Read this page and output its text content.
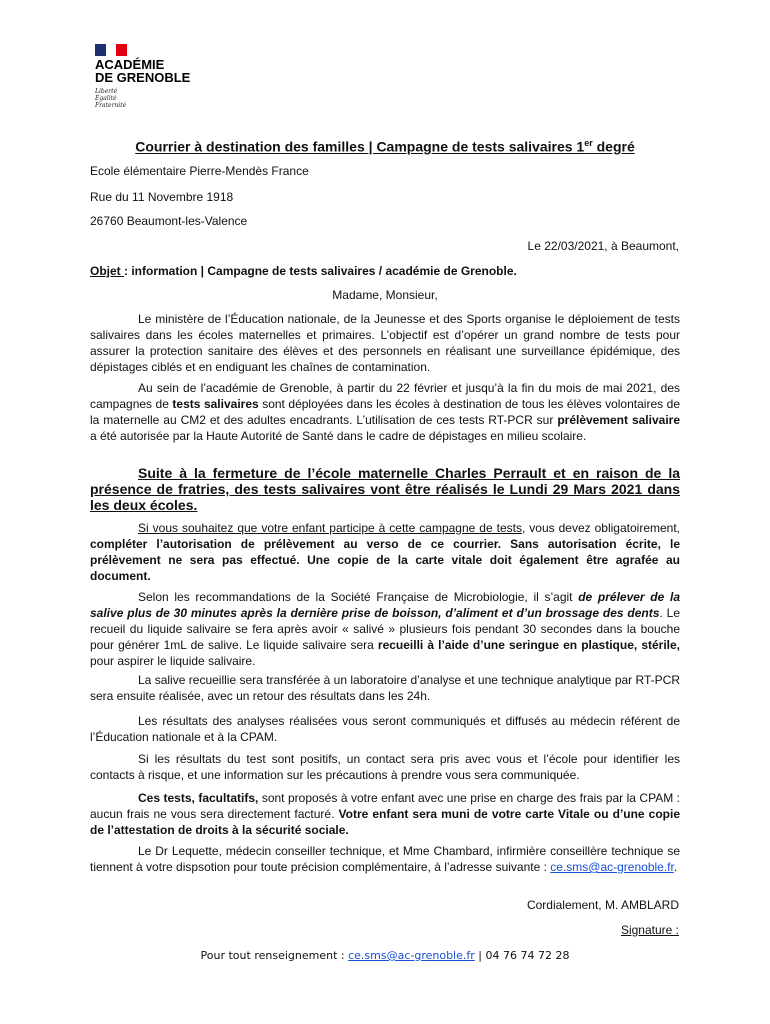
ACADÉMIE
DE GRENOBLE
Liberté
Égalité
Fraternité
Courrier à destination des familles | Campagne de tests salivaires 1er degré
Ecole élémentaire Pierre-Mendès France
Rue du 11 Novembre 1918
26760 Beaumont-les-Valence
Le 22/03/2021, à Beaumont,
Objet : information | Campagne de tests salivaires / académie de Grenoble.
Madame, Monsieur,
Le ministère de l’Éducation nationale, de la Jeunesse et des Sports organise le déploiement de tests salivaires dans les écoles maternelles et primaires. L’objectif est d’opérer un grand nombre de tests pour assurer la protection sanitaire des élèves et des personnels en réalisant une surveillance épidémique, des dépistages ciblés et en endiguant les chaînes de contamination.
Au sein de l’académie de Grenoble, à partir du 22 février et jusqu’à la fin du mois de mai 2021, des campagnes de tests salivaires sont déployées dans les écoles à destination de tous les élèves volontaires de la maternelle au CM2 et des adultes encadrants. L’utilisation de ces tests RT-PCR sur prélèvement salivaire a été autorisée par la Haute Autorité de Santé dans le cadre de dépistages en milieu scolaire.
Suite à la fermeture de l’école maternelle Charles Perrault et en raison de la présence de fratries, des tests salivaires vont être réalisés le Lundi 29 Mars 2021 dans les deux écoles.
Si vous souhaitez que votre enfant participe à cette campagne de tests, vous devez obligatoirement, compléter l’autorisation de prélèvement au verso de ce courrier. Sans autorisation écrite, le prélèvement ne sera pas effectué. Une copie de la carte vitale doit également être agrafée au document.
Selon les recommandations de la Société Française de Microbiologie, il s’agit de prélever de la salive plus de 30 minutes après la dernière prise de boisson, d’aliment et d’un brossage des dents. Le recueil du liquide salivaire se fera après avoir « salivé » plusieurs fois pendant 30 secondes dans la bouche pour générer 1mL de salive. Le liquide salivaire sera recueilli à l’aide d’une seringue en plastique, stérile, pour aspirer le liquide salivaire.
La salive recueillie sera transférée à un laboratoire d’analyse et une technique analytique par RT-PCR sera ensuite réalisée, avec un retour des résultats dans les 24h.
Les résultats des analyses réalisées vous seront communiqués et diffusés au médecin référent de l’Éducation nationale et à la CPAM.
Si les résultats du test sont positifs, un contact sera pris avec vous et l’école pour identifier les contacts à risque, et une information sur les précautions à prendre vous sera communiquée.
Ces tests, facultatifs, sont proposés à votre enfant avec une prise en charge des frais par la CPAM : aucun frais ne vous sera directement facturé. Votre enfant sera muni de votre carte Vitale ou d’une copie de l’attestation de droits à la sécurité sociale.
Le Dr Lequette, médecin conseiller technique, et Mme Chambard, infirmière conseillère technique se tiennent à votre dispsotion pour toute précision complémentaire, à l’adresse suivante : ce.sms@ac-grenoble.fr.
Cordialement, M. AMBLARD
Signature :
Pour tout renseignement : ce.sms@ac-grenoble.fr | 04 76 74 72 28
